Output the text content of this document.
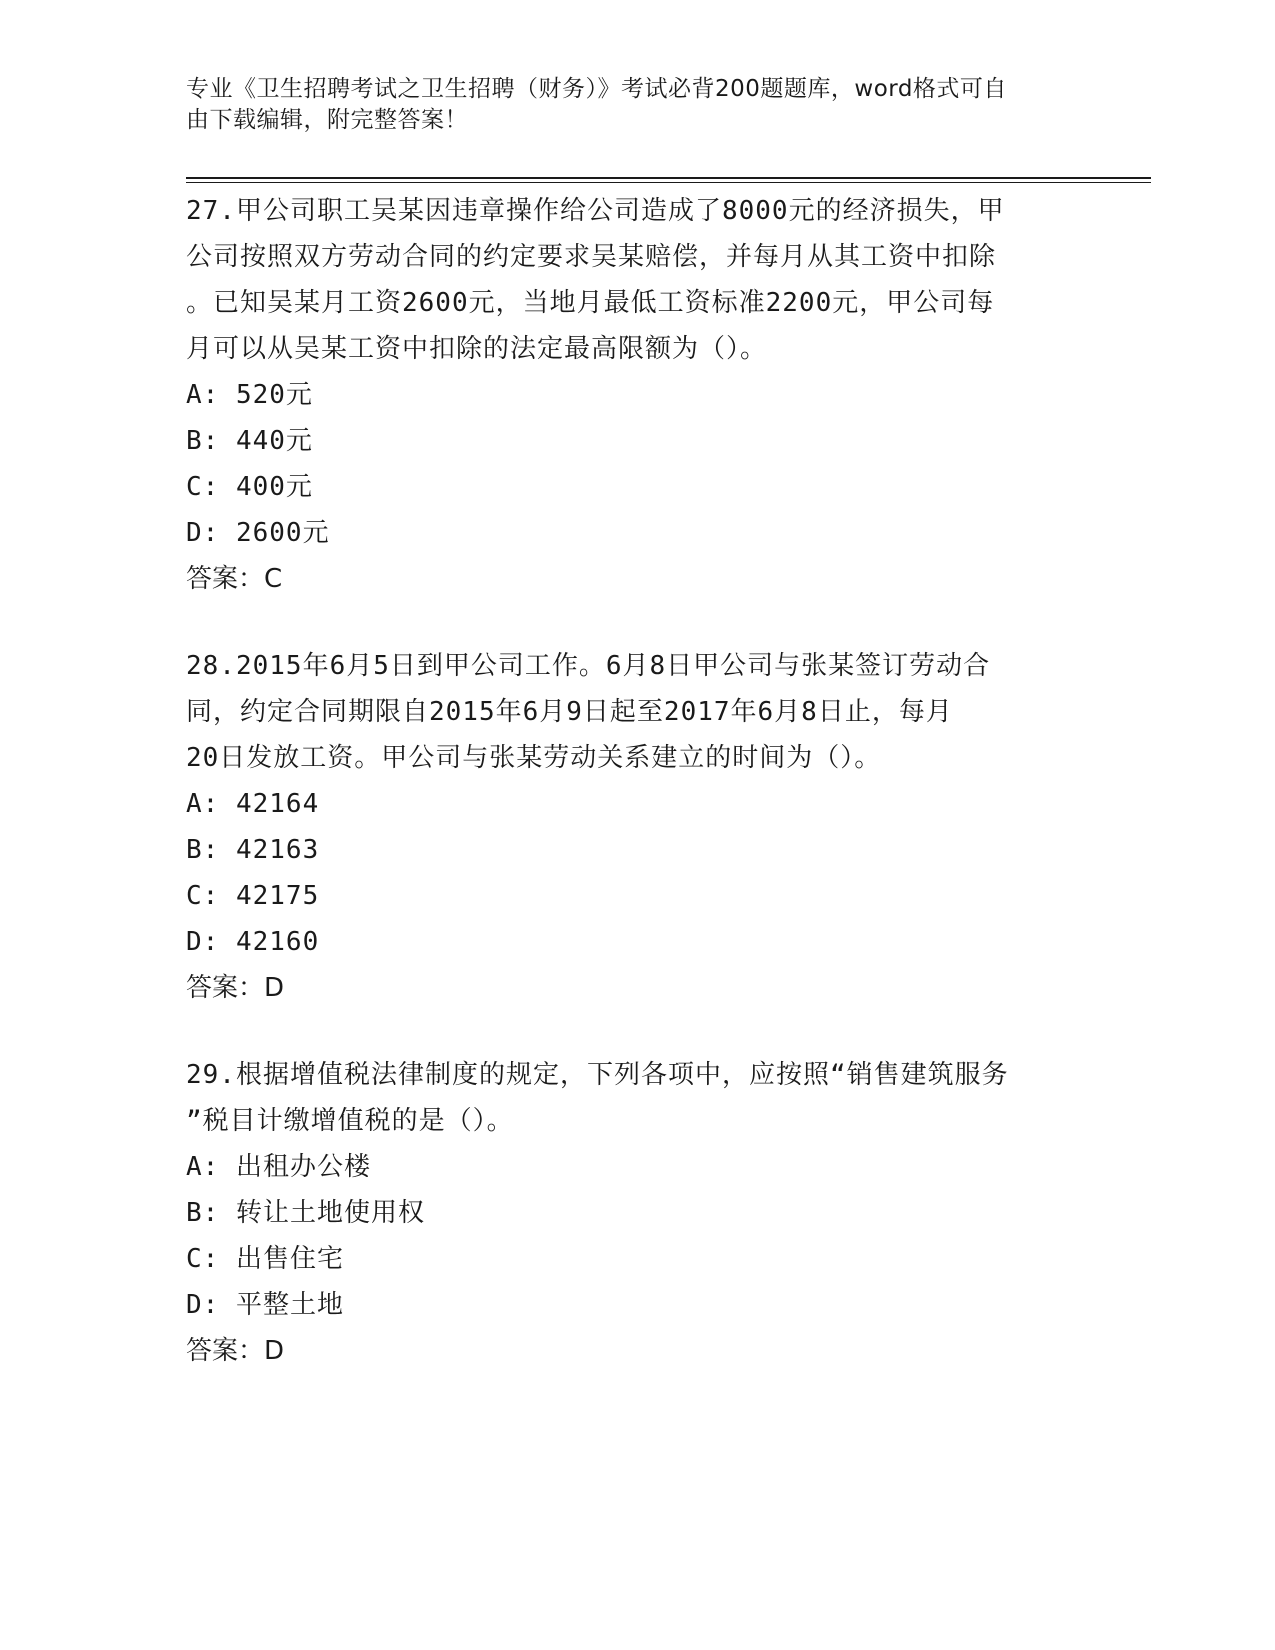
专业《卫生招聘考试之卫生招聘（财务）》考试必背200题题库，word格式可自

由下载编辑，附完整答案！

27.甲公司职工吴某因违章操作给公司造成了8000元的经济损失，甲
公司按照双方劳动合同的约定要求吴某赔偿，并每月从其工资中扣除
。已知吴某月工资2600元，当地月最低工资标准2200元，甲公司每
月可以从吴某工资中扣除的法定最高限额为（）。

A: 520元

B: 440元

C: 400元

D: 2600元

答案：C

28.2015年6月5日到甲公司工作。6月8日甲公司与张某签订劳动合
同，约定合同期限自2015年6月9日起至2017年6月8日止，每月
20日发放工资。甲公司与张某劳动关系建立的时间为（）。

A: 42164

B: 42163

C: 42175

D: 42160

答案：D

29.根据增值税法律制度的规定，下列各项中，应按照“销售建筑服务
”税目计缴增值税的是（）。

A: 出租办公楼

B: 转让土地使用权

C: 出售住宅

D: 平整土地

答案：D
